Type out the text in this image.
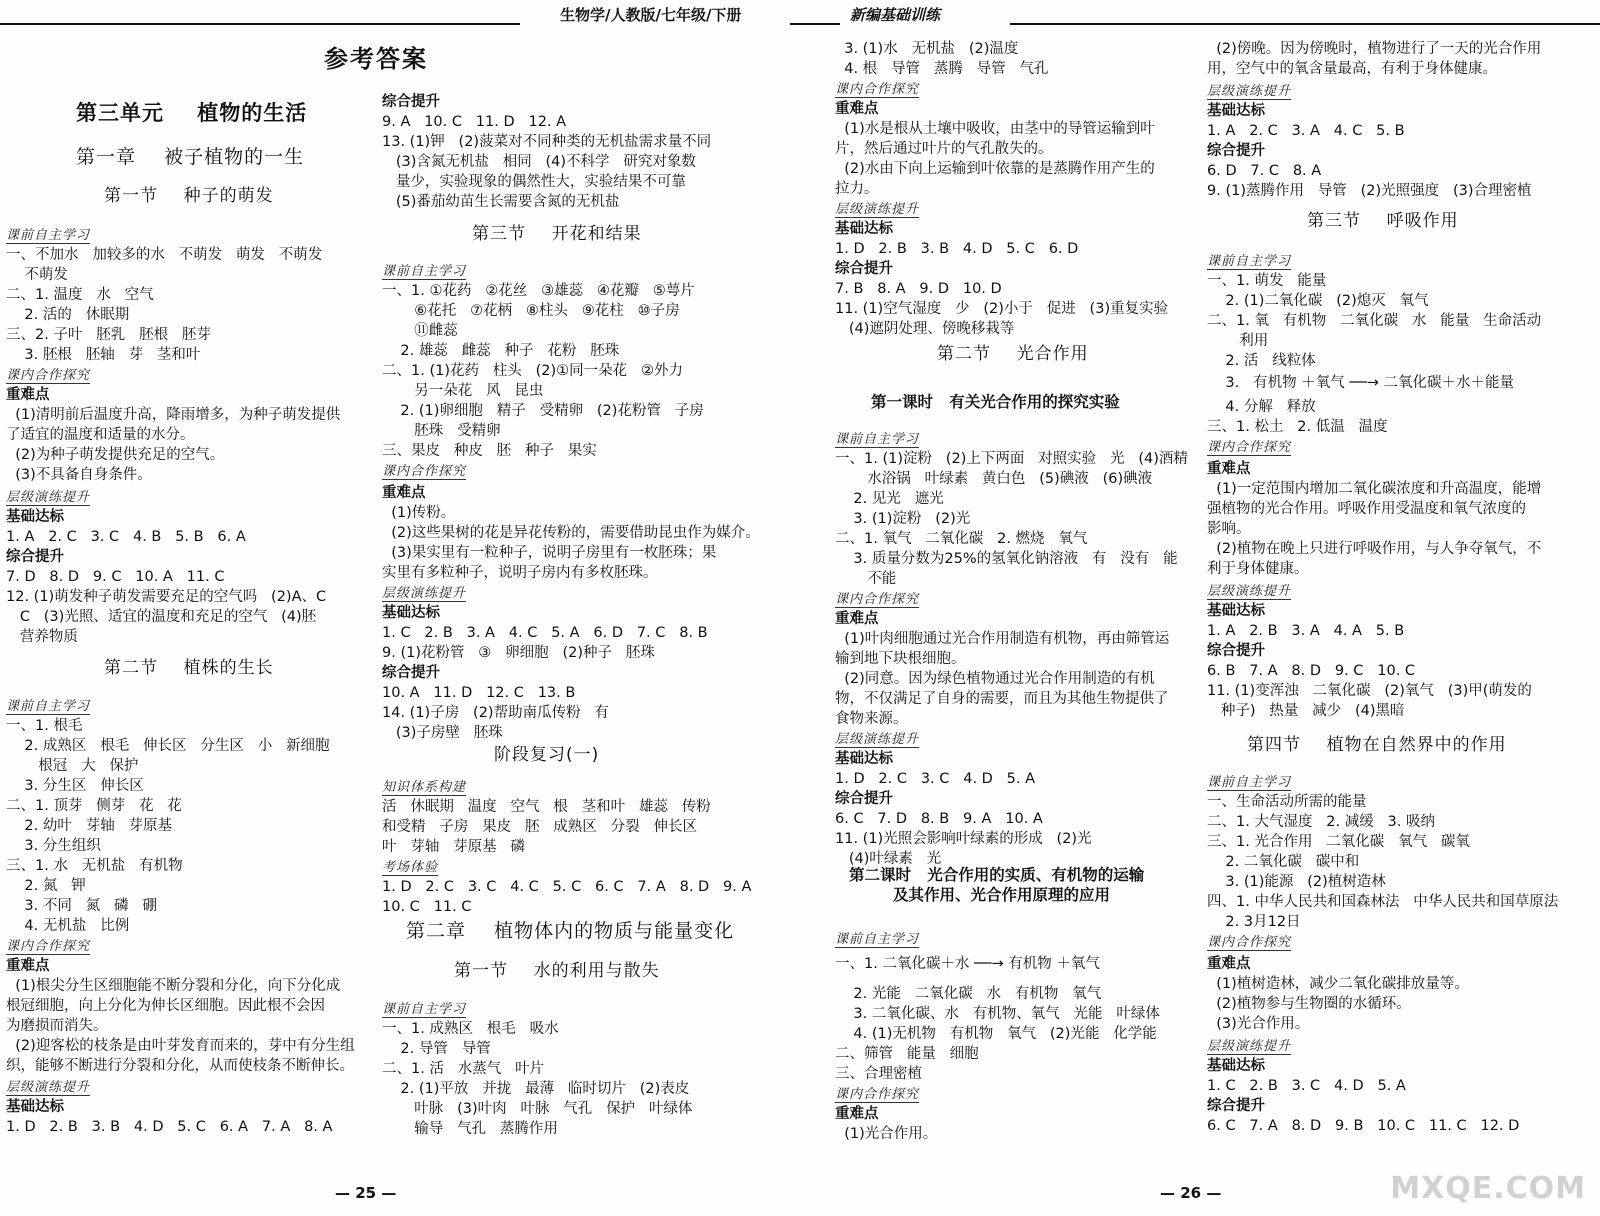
生物学/人教版/七年级/下册	新编基础训练
参考答案
第三单元    植物的生活
第一章    被子植物的一生
第一节    种子的萌发
课前自主学习
一、不加水   加较多的水   不萌发   萌发   不萌发
不萌发
二、1. 温度   水   空气
2. 活的   休眠期
三、2. 子叶   胚乳   胚根   胚芽
3. 胚根   胚轴   芽   茎和叶
课内合作探究
重难点
(1)清明前后温度升高，降雨增多，为种子萌发提供
了适宜的温度和适量的水分。
(2)为种子萌发提供充足的空气。
(3)不具备自身条件。
层级演练提升
基础达标
1. A   2. C   3. C   4. B   5. B   6. A
综合提升
7. D   8. D   9. C   10. A   11. C
12. (1)萌发种子萌发需要充足的空气吗   (2)A、C
C   (3)光照、适宜的温度和充足的空气   (4)胚
营养物质
第二节    植株的生长
课前自主学习
一、1. 根毛
2. 成熟区   根毛   伸长区   分生区   小   新细胞
根冠   大   保护
3. 分生区   伸长区
二、1. 顶芽   侧芽   花   花
2. 幼叶   芽轴   芽原基
3. 分生组织
三、1. 水   无机盐   有机物
2. 氮   钾
3. 不同   氮   磷   硼
4. 无机盐   比例
课内合作探究
重难点
(1)根尖分生区细胞能不断分裂和分化，向下分化成
根冠细胞，向上分化为伸长区细胞。因此根不会因
为磨损而消失。
(2)迎客松的枝条是由叶芽发育而来的，芽中有分生组
织，能够不断进行分裂和分化，从而使枝条不断伸长。
层级演练提升
基础达标
1. D   2. B   3. B   4. D   5. C   6. A   7. A   8. A
综合提升
9. A   10. C   11. D   12. A
13. (1)钾   (2)菠菜对不同种类的无机盐需求量不同
(3)含氮无机盐   相同   (4)不科学   研究对象数
量少，实验现象的偶然性大，实验结果不可靠
(5)番茄幼苗生长需要含氮的无机盐
第三节    开花和结果
课前自主学习
一、1. ①花药   ②花丝   ③雄蕊   ④花瓣   ⑤萼片
⑥花托   ⑦花柄   ⑧柱头   ⑨花柱   ⑩子房
⑪雌蕊
2. 雄蕊   雌蕊   种子   花粉   胚珠
二、1. (1)花药   柱头   (2)①同一朵花   ②外力
另一朵花   风   昆虫
2. (1)卵细胞   精子   受精卵   (2)花粉管   子房
胚珠   受精卵
三、果皮   种皮   胚   种子   果实
课内合作探究
重难点
(1)传粉。
(2)这些果树的花是异花传粉的，需要借助昆虫作为媒介。
(3)果实里有一粒种子，说明子房里有一枚胚珠；果
实里有多粒种子，说明子房内有多枚胚珠。
层级演练提升
基础达标
1. C   2. B   3. A   4. C   5. A   6. D   7. C   8. B
9. (1)花粉管   ③   卵细胞   (2)种子   胚珠
综合提升
10. A   11. D   12. C   13. B
14. (1)子房   (2)帮助南瓜传粉   有
(3)子房壁   胚珠
阶段复习(一)
知识体系构建
活   休眠期   温度   空气   根   茎和叶   雄蕊   传粉
和受精   子房   果皮   胚   成熟区   分裂   伸长区
叶   芽轴   芽原基   磷
考场体验
1. D   2. C   3. C   4. C   5. C   6. C   7. A   8. D   9. A
10. C   11. C
第二章    植物体内的物质与能量变化
第一节    水的利用与散失
课前自主学习
一、1. 成熟区   根毛   吸水
2. 导管   导管
二、1. 活   水蒸气   叶片
2. (1)平放   并拢   最薄   临时切片   (2)表皮
叶脉   (3)叶肉   叶脉   气孔   保护   叶绿体
输导   气孔   蒸腾作用
3. (1)水   无机盐   (2)温度
4. 根   导管   蒸腾   导管   气孔
课内合作探究
重难点
(1)水是根从土壤中吸收，由茎中的导管运输到叶
片，然后通过叶片的气孔散失的。
(2)水由下向上运输到叶依靠的是蒸腾作用产生的
拉力。
层级演练提升
基础达标
1. D   2. B   3. B   4. D   5. C   6. D
综合提升
7. B   8. A   9. D   10. D
11. (1)空气湿度   少   (2)小于   促进   (3)重复实验
(4)遮阴处理、傍晚移栽等
第二节    光合作用
第一课时   有关光合作用的探究实验
课前自主学习
一、1. (1)淀粉   (2)上下两面   对照实验   光   (4)酒精
水浴锅   叶绿素   黄白色   (5)碘液   (6)碘液
2. 见光   遮光
3. (1)淀粉   (2)光
二、1. 氧气   二氧化碳   2. 燃烧   氧气
3. 质量分数为25%的氢氧化钠溶液   有   没有   能
不能
课内合作探究
重难点
(1)叶肉细胞通过光合作用制造有机物，再由筛管运
输到地下块根细胞。
(2)同意。因为绿色植物通过光合作用制造的有机
物，不仅满足了自身的需要，而且为其他生物提供了
食物来源。
层级演练提升
基础达标
1. D   2. C   3. C   4. D   5. A
综合提升
6. C   7. D   8. B   9. A   10. A
11. (1)光照会影响叶绿素的形成   (2)光
(4)叶绿素   光
第二课时   光合作用的实质、有机物的运输
及其作用、光合作用原理的应用
课前自主学习
一、1. 二氧化碳＋水 ──→ 有机物 ＋氧气
2. 光能   二氧化碳   水   有机物   氧气
3. 二氧化碳、水   有机物、氧气   光能   叶绿体
4. (1)无机物   有机物   氧气   (2)光能   化学能
二、筛管   能量   细胞
三、合理密植
课内合作探究
重难点
(1)光合作用。
(2)傍晚。因为傍晚时，植物进行了一天的光合作用
用，空气中的氧含量最高，有利于身体健康。
层级演练提升
基础达标
1. A   2. C   3. A   4. C   5. B
综合提升
6. D   7. C   8. A
9. (1)蒸腾作用   导管   (2)光照强度   (3)合理密植
第三节    呼吸作用
课前自主学习
一、1. 萌发   能量
2. (1)二氧化碳   (2)熄灭   氧气
二、1. 氧   有机物   二氧化碳   水   能量   生命活动
利用
2. 活   线粒体
3.   有机物 ＋氧气 ──→ 二氧化碳＋水＋能量
4. 分解   释放
三、1. 松土   2. 低温   温度
课内合作探究
重难点
(1)一定范围内增加二氧化碳浓度和升高温度，能增
强植物的光合作用。呼吸作用受温度和氧气浓度的
影响。
(2)植物在晚上只进行呼吸作用，与人争夺氧气，不
利于身体健康。
层级演练提升
基础达标
1. A   2. B   3. A   4. A   5. B
综合提升
6. B   7. A   8. D   9. C   10. C
11. (1)变浑浊   二氧化碳   (2)氧气   (3)甲(萌发的
种子)   热量   减少   (4)黑暗
第四节    植物在自然界中的作用
课前自主学习
一、生命活动所需的能量
二、1. 大气湿度   2. 减缓   3. 吸纳
三、1. 光合作用   二氧化碳   氧气   碳氧
2. 二氧化碳   碳中和
3. (1)能源   (2)植树造林
四、1. 中华人民共和国森林法   中华人民共和国草原法
2. 3月12日
课内合作探究
重难点
(1)植树造林，减少二氧化碳排放量等。
(2)植物参与生物圈的水循环。
(3)光合作用。
层级演练提升
基础达标
1. C   2. B   3. C   4. D   5. A
综合提升
6. C   7. A   8. D   9. B   10. C   11. C   12. D
— 25 —	— 26 —	MXQE.COM
